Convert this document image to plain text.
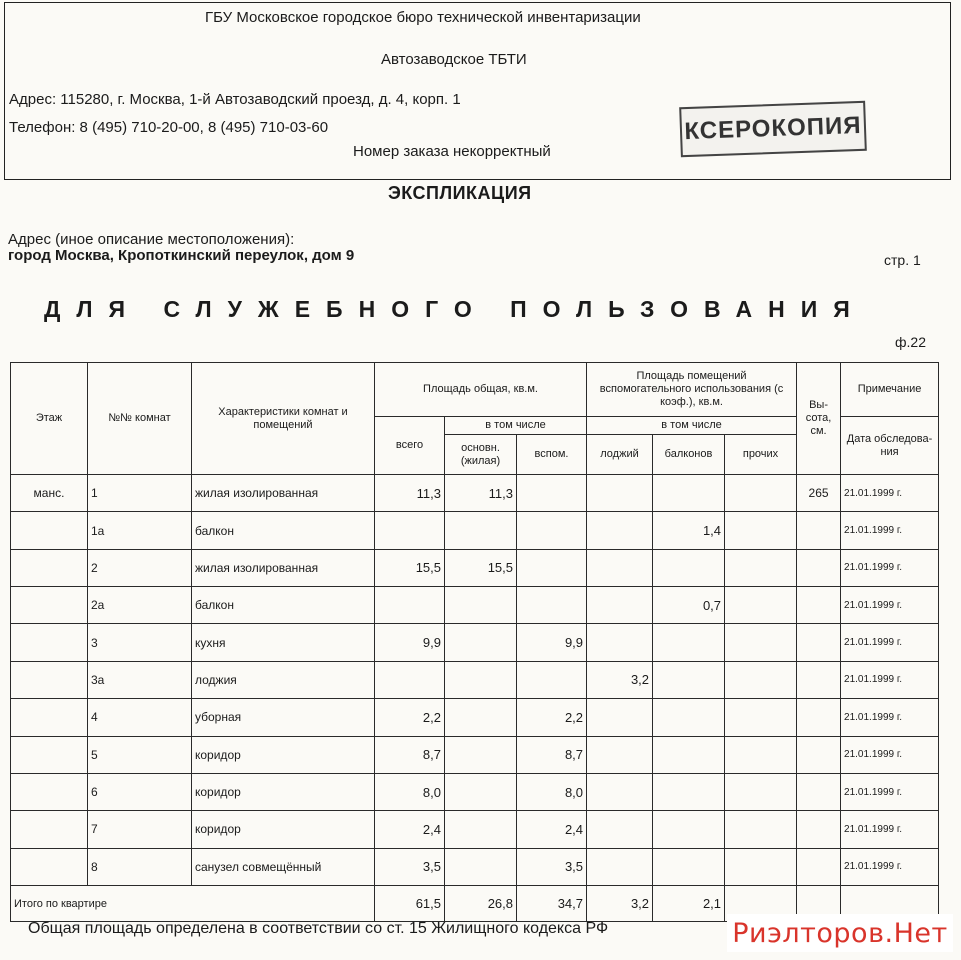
ГБУ Московское городское бюро технической инвентаризации
Автозаводское ТБТИ
Адрес: 115280, г. Москва, 1-й Автозаводский проезд, д. 4, корп. 1
Телефон: 8 (495) 710-20-00, 8 (495) 710-03-60
Номер заказа некорректный
КСЕРОКОПИЯ
ЭКСПЛИКАЦИЯ
Адрес (иное описание местоположения):
город Москва, Кропоткинский переулок, дом 9	стр. 1
ДЛЯ СЛУЖЕБНОГО ПОЛЬЗОВАНИЯ
ф.22
Этаж	№№ комнат	Характеристики комнат и помещений	Площадь общая, кв.м.			Площадь помещений вспомогательного использования (с коэф.), кв.м.			Вы-сота, см.	Примечание
			всего	в том числе		в том числе				Дата обследова-ния
				основн. (жилая)	вспом.	лоджий	балконов	прочих		
манс.	1	жилая изолированная	11,3	11,3					265	21.01.1999 г.
	1а	балкон					1,4			21.01.1999 г.
	2	жилая изолированная	15,5	15,5						21.01.1999 г.
	2а	балкон					0,7			21.01.1999 г.
	3	кухня	9,9		9,9					21.01.1999 г.
	3а	лоджия				3,2				21.01.1999 г.
	4	уборная	2,2		2,2					21.01.1999 г.
	5	коридор	8,7		8,7					21.01.1999 г.
	6	коридор	8,0		8,0					21.01.1999 г.
	7	коридор	2,4		2,4					21.01.1999 г.
	8	санузел совмещённый	3,5		3,5					21.01.1999 г.
Итого по квартире			61,5	26,8	34,7	3,2	2,1			
Общая площадь определена в соответствии со ст. 15 Жилищного кодекса РФ	Риэлторов.Нет
